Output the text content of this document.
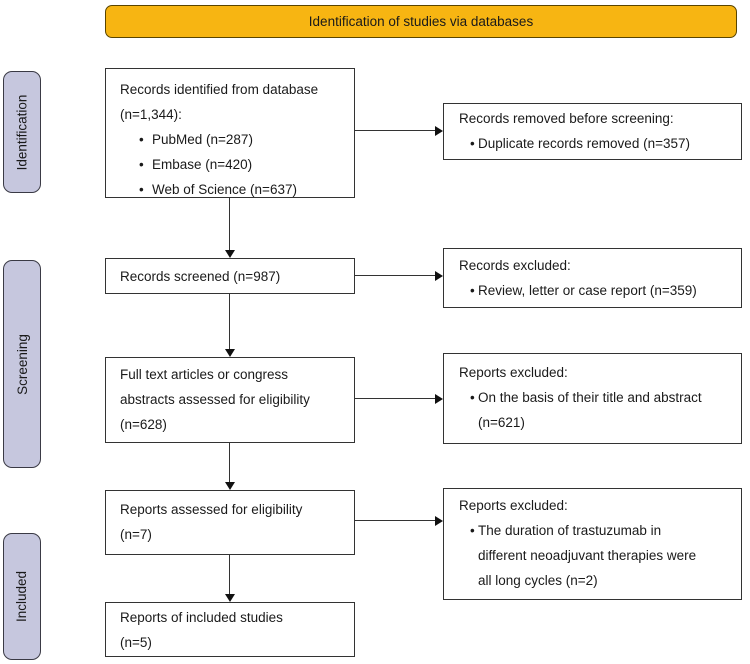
Identification of studies via databases
Identification
Screening
Included
Records identified from database
(n=1,344):
• PubMed (n=287)
• Embase (n=420)
• Web of Science (n=637)
Records screened (n=987)
Full text articles or congress
abstracts assessed for eligibility
(n=628)
Reports assessed for eligibility
(n=7)
Reports of included studies
(n=5)
Records removed before screening:
• Duplicate records removed (n=357)
Records excluded:
• Review, letter or case report (n=359)
Reports excluded:
• On the basis of their title and abstract
(n=621)
Reports excluded:
• The duration of trastuzumab in
different neoadjuvant therapies were
all long cycles (n=2)
